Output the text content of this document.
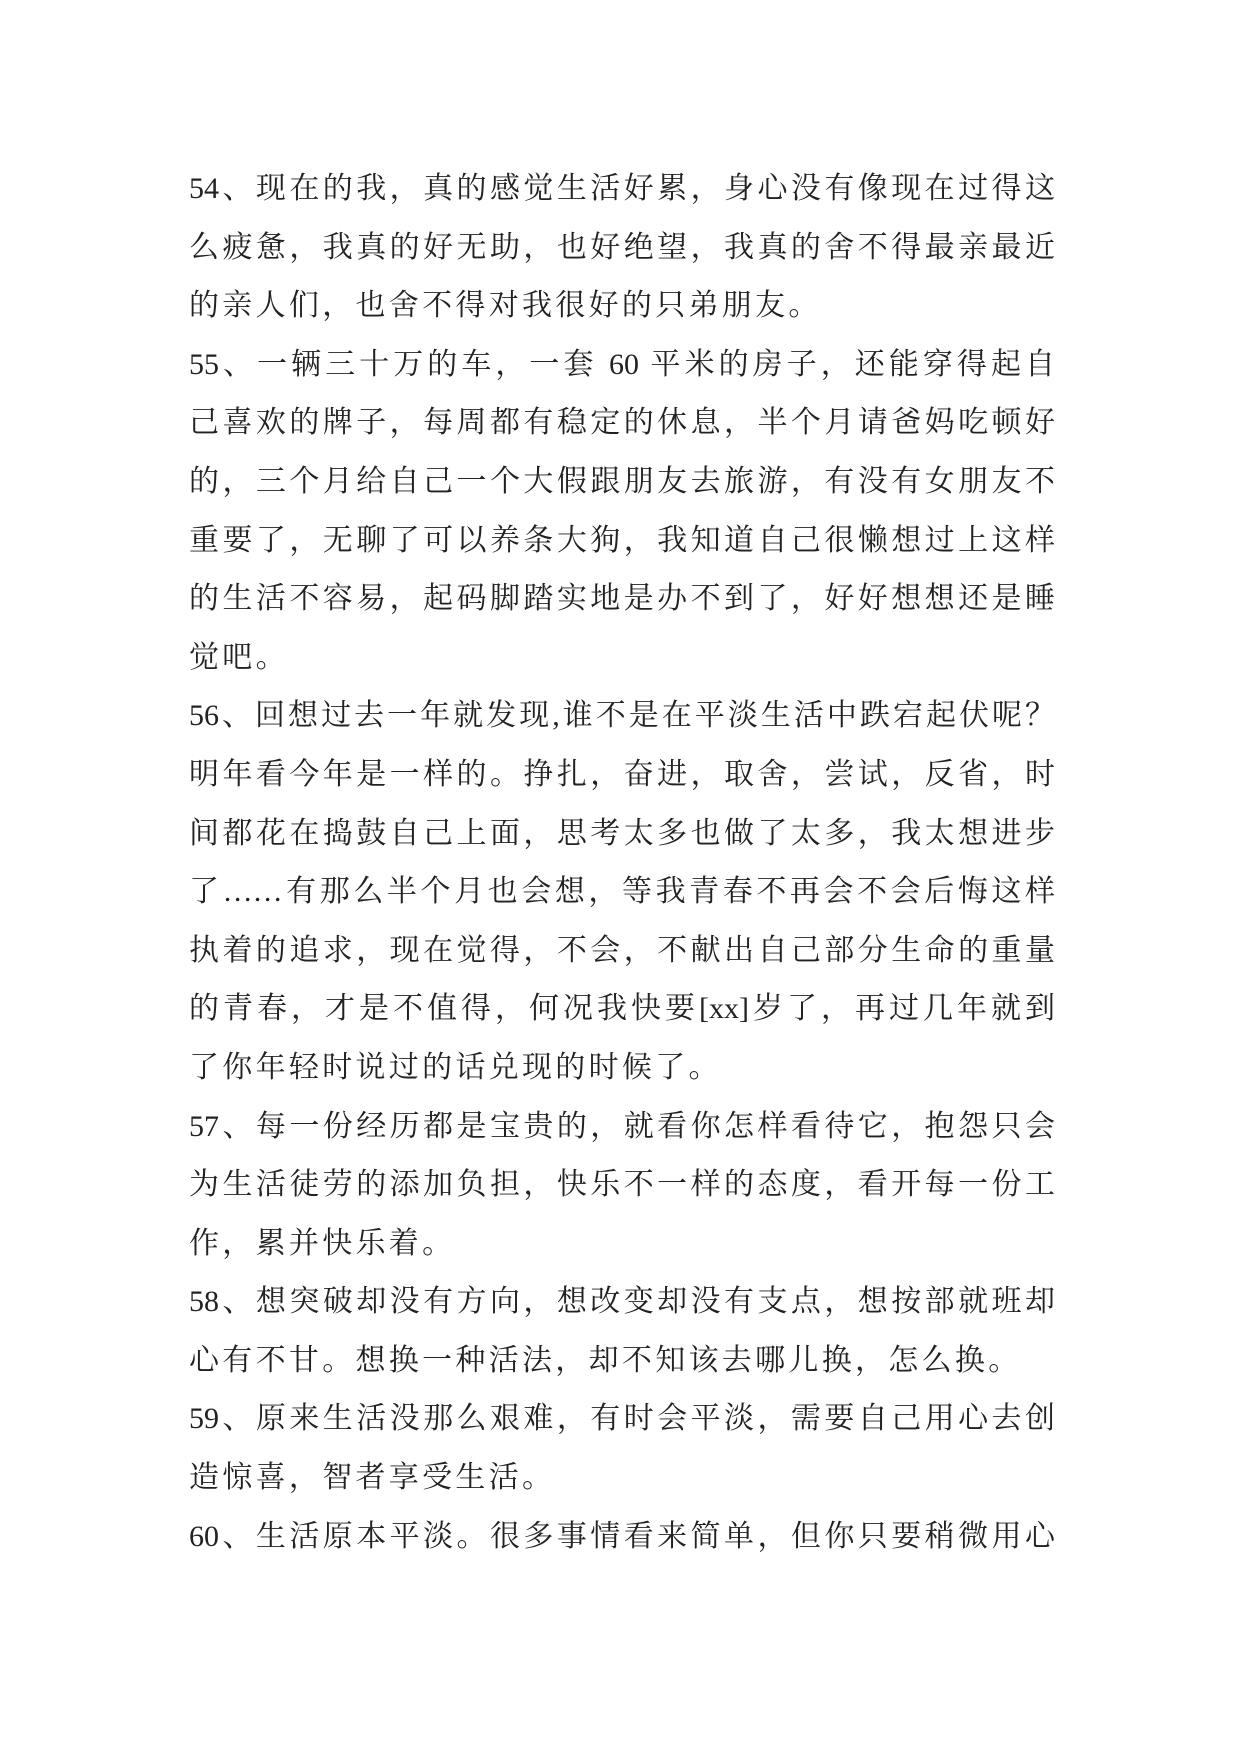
54、现在的我，真的感觉生活好累，身心没有像现在过得这
么疲惫，我真的好无助，也好绝望，我真的舍不得最亲最近
的亲人们，也舍不得对我很好的只弟朋友。
55、一辆三十万的车，一套 60 平米的房子，还能穿得起自
己喜欢的牌子，每周都有稳定的休息，半个月请爸妈吃顿好
的，三个月给自己一个大假跟朋友去旅游，有没有女朋友不
重要了，无聊了可以养条大狗，我知道自己很懒想过上这样
的生活不容易，起码脚踏实地是办不到了，好好想想还是睡
觉吧。
56、回想过去一年就发现,谁不是在平淡生活中跌宕起伏呢？
明年看今年是一样的。挣扎，奋进，取舍，尝试，反省，时
间都花在捣鼓自己上面，思考太多也做了太多，我太想进步
了……有那么半个月也会想，等我青春不再会不会后悔这样
执着的追求，现在觉得，不会，不献出自己部分生命的重量
的青春，才是不值得，何况我快要[xx]岁了，再过几年就到
了你年轻时说过的话兑现的时候了。
57、每一份经历都是宝贵的，就看你怎样看待它，抱怨只会
为生活徒劳的添加负担，快乐不一样的态度，看开每一份工
作，累并快乐着。
58、想突破却没有方向，想改变却没有支点，想按部就班却
心有不甘。想换一种活法，却不知该去哪儿换，怎么换。
59、原来生活没那么艰难，有时会平淡，需要自己用心去创
造惊喜，智者享受生活。
60、生活原本平淡。很多事情看来简单，但你只要稍微用心
